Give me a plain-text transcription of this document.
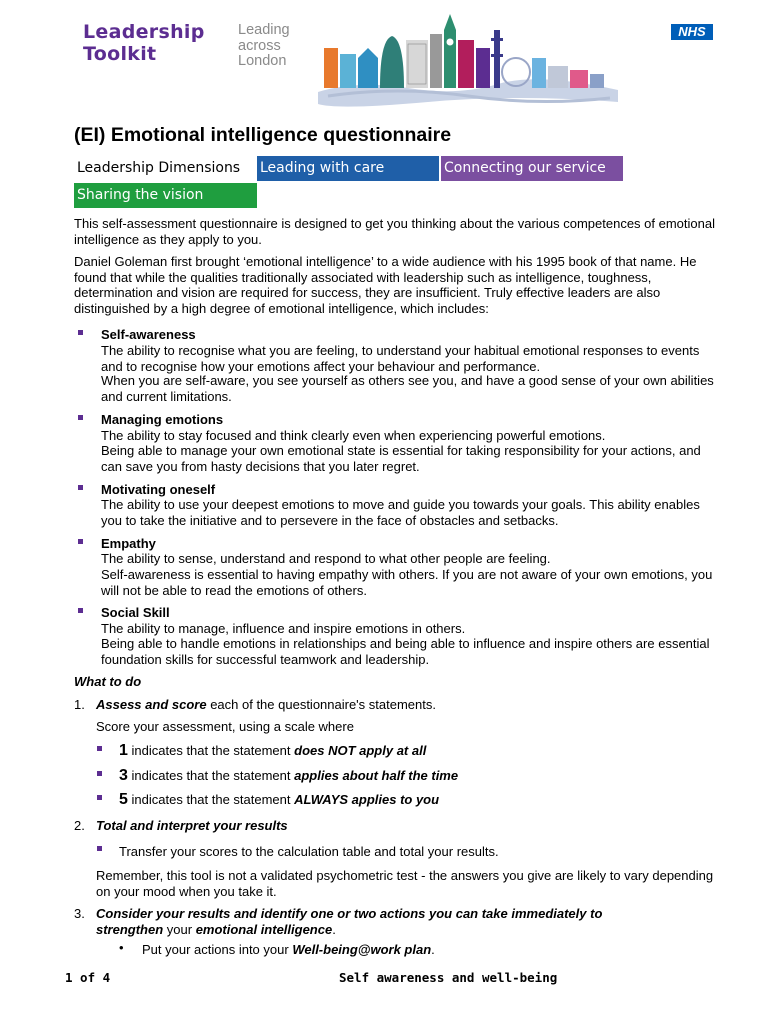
Leadership
Toolkit
Leading
across
London
NHS
(EI) Emotional intelligence questionnaire
Leadership Dimensions	Leading with care	Connecting our service
Sharing the vision
This self-assessment questionnaire is designed to get you thinking about the various competences of emotional intelligence as they apply to you.
Daniel Goleman first brought ‘emotional intelligence’ to a wide audience with his 1995 book of that name. He found that while the qualities traditionally associated with leadership such as intelligence, toughness, determination and vision are required for success, they are insufficient. Truly effective leaders are also distinguished by a high degree of emotional intelligence, which includes:
Self-awareness
The ability to recognise what you are feeling, to understand your habitual emotional responses to events and to recognise how your emotions affect your behaviour and performance.
When you are self-aware, you see yourself as others see you, and have a good sense of your own abilities and current limitations.
Managing emotions
The ability to stay focused and think clearly even when experiencing powerful emotions.
Being able to manage your own emotional state is essential for taking responsibility for your actions, and can save you from hasty decisions that you later regret.
Motivating oneself
The ability to use your deepest emotions to move and guide you towards your goals. This ability enables you to take the initiative and to persevere in the face of obstacles and setbacks.
Empathy
The ability to sense, understand and respond to what other people are feeling.
Self-awareness is essential to having empathy with others. If you are not aware of your own emotions, you will not be able to read the emotions of others.
Social Skill
The ability to manage, influence and inspire emotions in others.
Being able to handle emotions in relationships and being able to influence and inspire others are essential foundation skills for successful teamwork and leadership.
What to do
1. Assess and score each of the questionnaire's statements.
Score your assessment, using a scale where
1 indicates that the statement does NOT apply at all
3 indicates that the statement applies about half the time
5 indicates that the statement ALWAYS applies to you
2. Total and interpret your results
Transfer your scores to the calculation table and total your results.
Remember, this tool is not a validated psychometric test - the answers you give are likely to vary depending on your mood when you take it.
3. Consider your results and identify one or two actions you can take immediately to strengthen your emotional intelligence.
• Put your actions into your Well-being@work plan.
1 of 4	Self awareness and well-being
